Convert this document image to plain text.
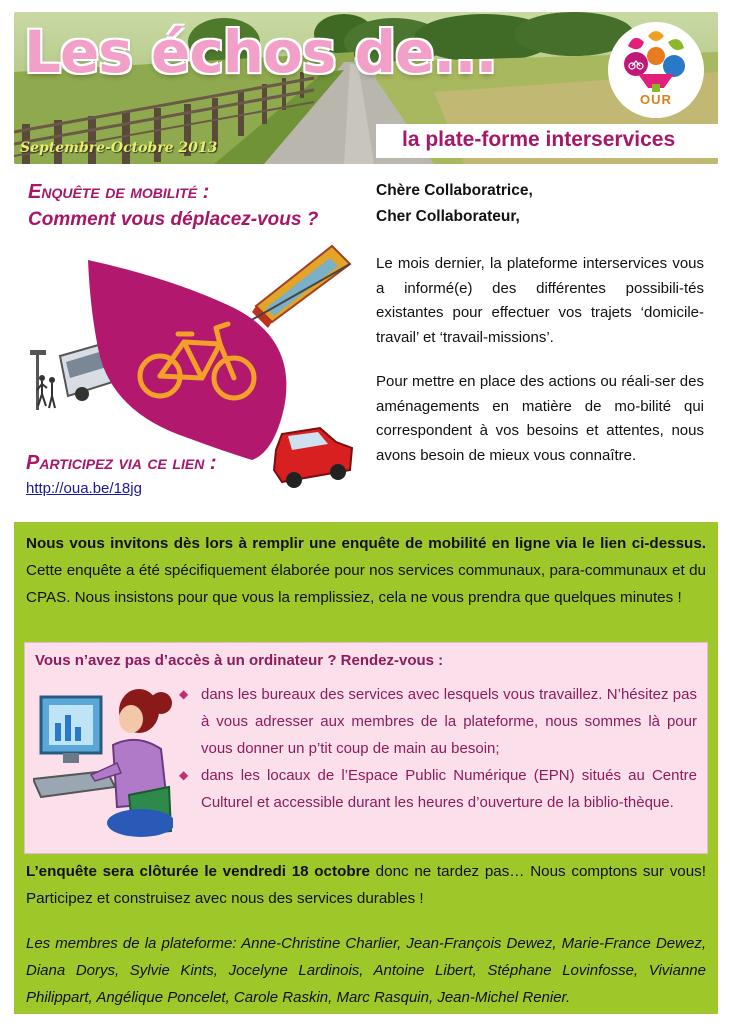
Les échos de...
Septembre-Octobre 2013	la plate-forme interservices
OUR
Enquête de mobilité :
Comment vous déplacez-vous ?
Participez via ce lien :
http://oua.be/18jg
Chère Collaboratrice,
Cher Collaborateur,

Le mois dernier, la plateforme interservices vous a informé(e) des différentes possibili-tés existantes pour effectuer vos trajets ‘domicile-travail’ et ‘travail-missions’.

Pour mettre en place des actions ou réali-ser des aménagements en matière de mo-bilité qui correspondent à vos besoins et attentes, nous avons besoin de mieux vous connaître.

Nous vous invitons dès lors à remplir une enquête de mobilité en ligne via le lien ci-dessus. Cette enquête a été spécifiquement élaborée pour nos services communaux, para-communaux et du CPAS. Nous insistons pour que vous la remplissiez, cela ne vous prendra que quelques minutes !
Vous n’avez pas d’accès à un ordinateur ? Rendez-vous :
◆ dans les bureaux des services avec lesquels vous travaillez. N’hésitez pas à vous adresser aux membres de la plateforme, nous sommes là pour vous donner un p’tit coup de main au besoin;
◆ dans les locaux de l’Espace Public Numérique (EPN) situés au Centre Culturel et accessible durant les heures d’ouverture de la biblio-thèque.
L’enquête sera clôturée le vendredi 18 octobre donc ne tardez pas… Nous comptons sur vous! Participez et construisez avec nous des services durables !
Les membres de la plateforme: Anne-Christine Charlier, Jean-François Dewez, Marie-France Dewez, Diana Dorys, Sylvie Kints, Jocelyne Lardinois, Antoine Libert, Stéphane Lovinfosse, Vivianne Philippart, Angélique Poncelet, Carole Raskin, Marc Rasquin, Jean-Michel Renier.
